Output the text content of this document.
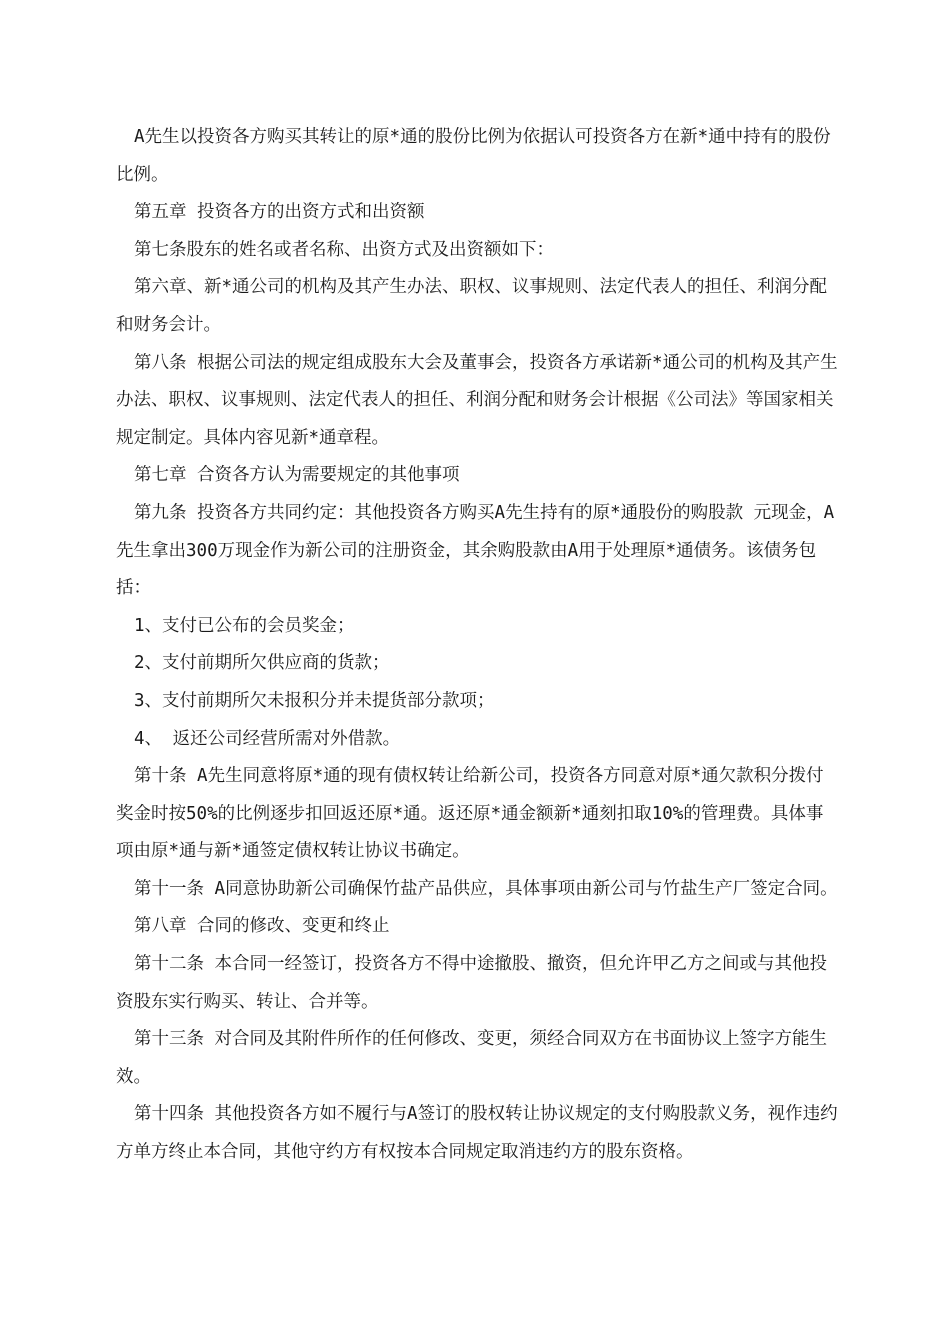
A先生以投资各方购买其转让的原*通的股份比例为依据认可投资各方在新*通中持有的股份比例。

第五章 投资各方的出资方式和出资额

第七条股东的姓名或者名称、出资方式及出资额如下：

第六章、新*通公司的机构及其产生办法、职权、议事规则、法定代表人的担任、利润分配和财务会计。

第八条 根据公司法的规定组成股东大会及董事会，投资各方承诺新*通公司的机构及其产生办法、职权、议事规则、法定代表人的担任、利润分配和财务会计根据《公司法》等国家相关规定制定。具体内容见新*通章程。

第七章 合资各方认为需要规定的其他事项

第九条 投资各方共同约定：其他投资各方购买A先生持有的原*通股份的购股款 元现金，A先生拿出300万现金作为新公司的注册资金，其余购股款由A用于处理原*通债务。该债务包括：

1、支付已公布的会员奖金；

2、支付前期所欠供应商的货款；

3、支付前期所欠未报积分并未提货部分款项；

4、 返还公司经营所需对外借款。

第十条 A先生同意将原*通的现有债权转让给新公司，投资各方同意对原*通欠款积分拨付奖金时按50%的比例逐步扣回返还原*通。返还原*通金额新*通刻扣取10%的管理费。具体事项由原*通与新*通签定债权转让协议书确定。

第十一条 A同意协助新公司确保竹盐产品供应，具体事项由新公司与竹盐生产厂签定合同。

第八章 合同的修改、变更和终止

第十二条 本合同一经签订，投资各方不得中途撤股、撤资，但允许甲乙方之间或与其他投资股东实行购买、转让、合并等。

第十三条 对合同及其附件所作的任何修改、变更，须经合同双方在书面协议上签字方能生效。

第十四条 其他投资各方如不履行与A签订的股权转让协议规定的支付购股款义务，视作违约方单方终止本合同，其他守约方有权按本合同规定取消违约方的股东资格。
